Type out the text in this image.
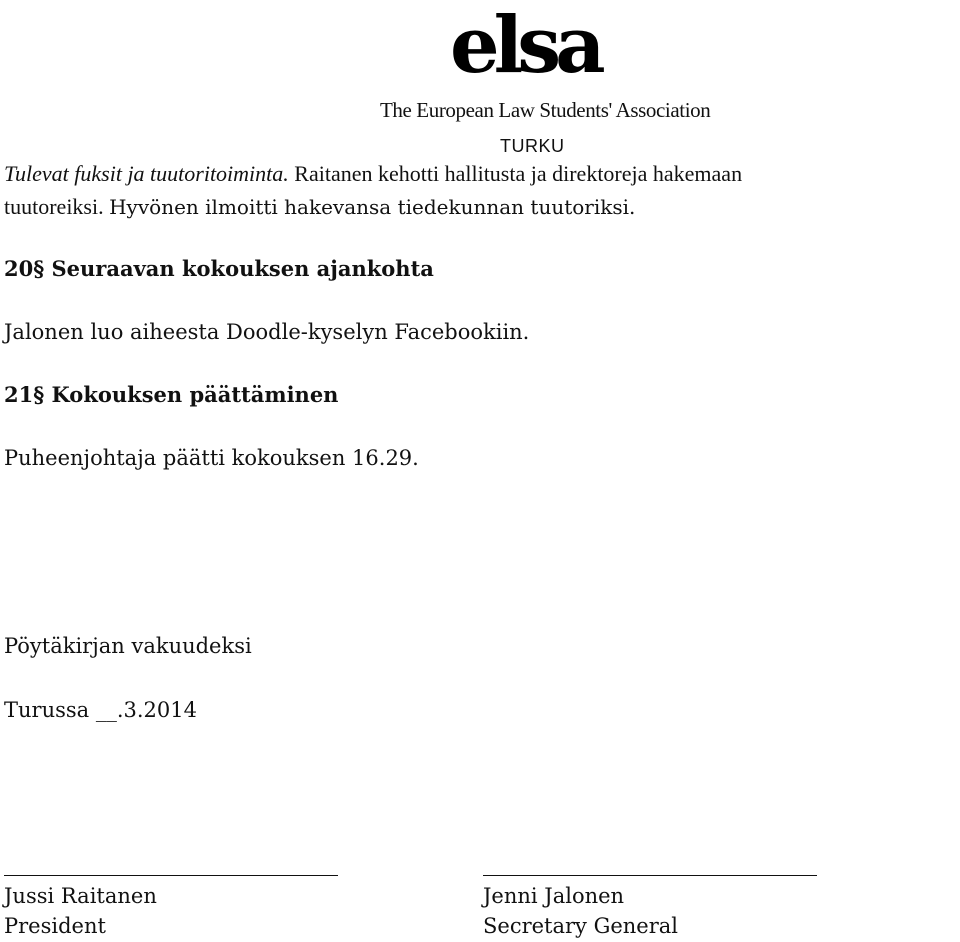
elsa
The European Law Students' Association
TURKU
Tulevat fuksit ja tuutoritoiminta. Raitanen kehotti hallitusta ja direktoreja hakemaan
tuutoreiksi. Hyvönen ilmoitti hakevansa tiedekunnan tuutoriksi.
20§ Seuraavan kokouksen ajankohta
Jalonen luo aiheesta Doodle-kyselyn Facebookiin.
21§ Kokouksen päättäminen
Puheenjohtaja päätti kokouksen 16.29.
Pöytäkirjan vakuudeksi
Turussa __.3.2014
Jussi Raitanen
President
Jenni Jalonen
Secretary General
